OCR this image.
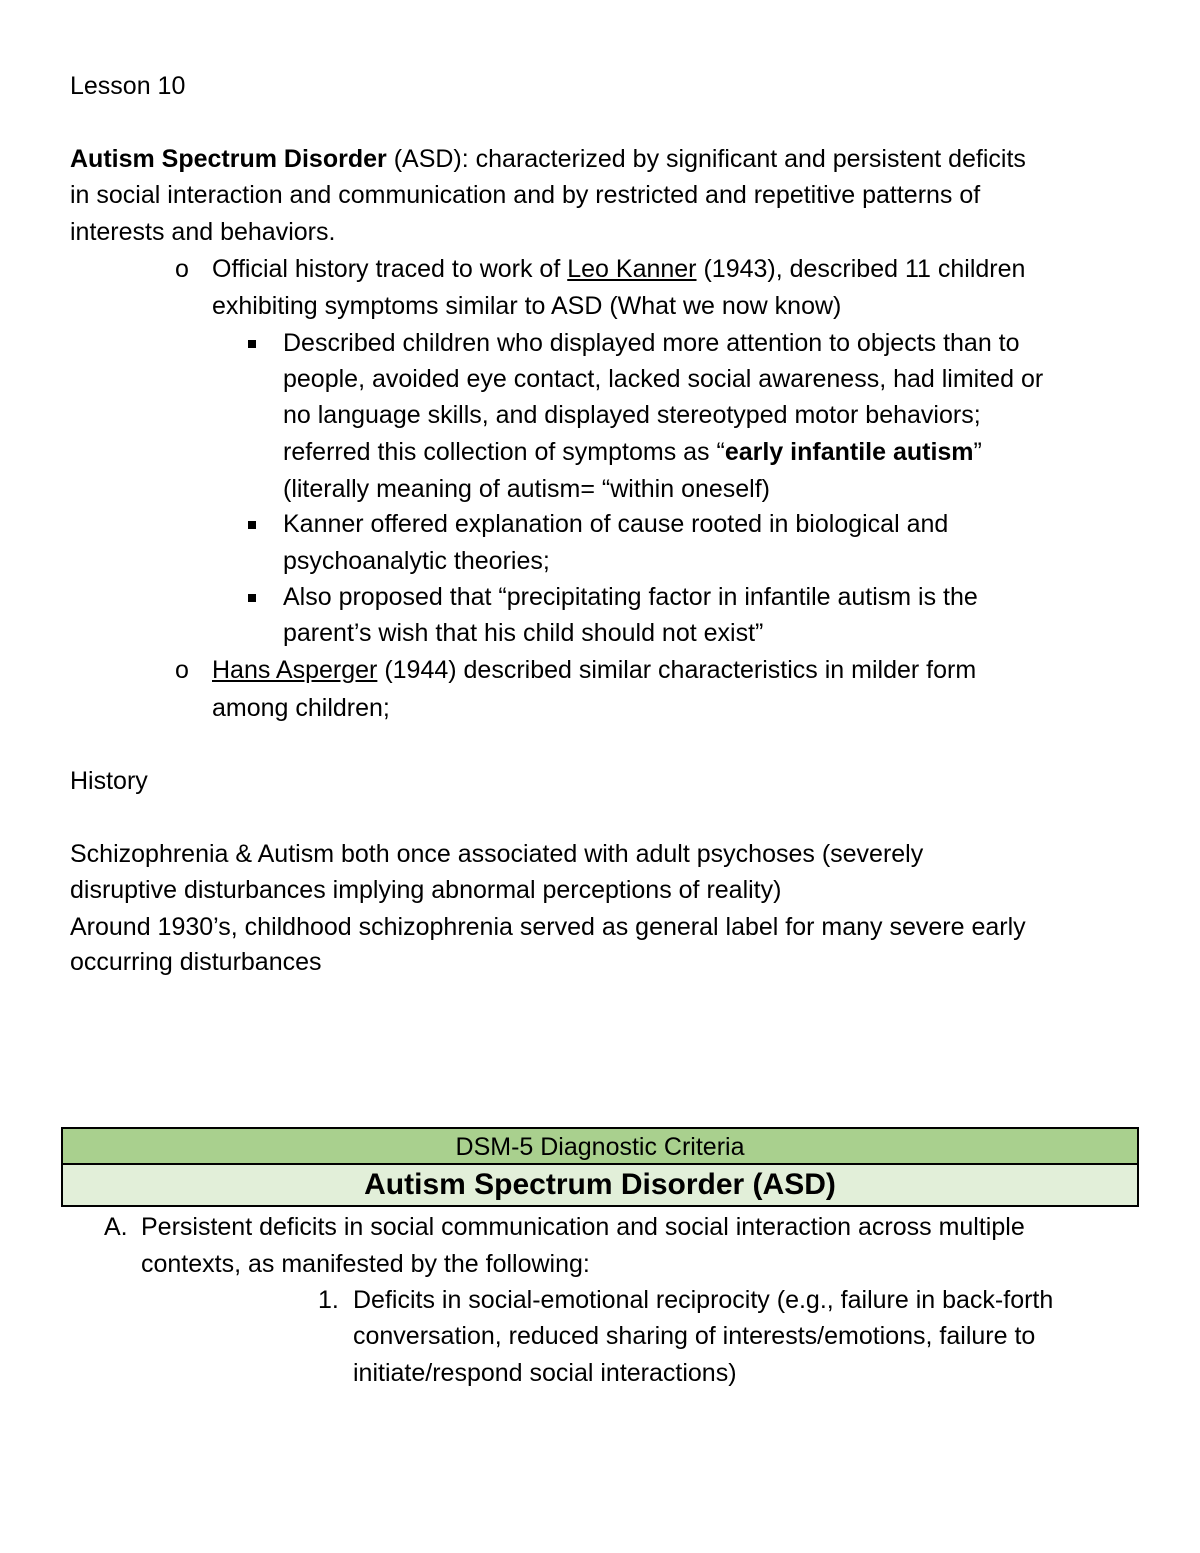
Lesson 10
Autism Spectrum Disorder (ASD): characterized by significant and persistent deficits
in social interaction and communication and by restricted and repetitive patterns of
interests and behaviors.
o Official history traced to work of Leo Kanner (1943), described 11 children
exhibiting symptoms similar to ASD (What we now know)
Described children who displayed more attention to objects than to
people, avoided eye contact, lacked social awareness, had limited or
no language skills, and displayed stereotyped motor behaviors;
referred this collection of symptoms as “early infantile autism”
(literally meaning of autism= “within oneself)
Kanner offered explanation of cause rooted in biological and
psychoanalytic theories;
Also proposed that “precipitating factor in infantile autism is the
parent’s wish that his child should not exist”
o Hans Asperger (1944) described similar characteristics in milder form
among children;
History
Schizophrenia & Autism both once associated with adult psychoses (severely
disruptive disturbances implying abnormal perceptions of reality)
Around 1930’s, childhood schizophrenia served as general label for many severe early
occurring disturbances
DSM-5 Diagnostic Criteria
Autism Spectrum Disorder (ASD)
A. Persistent deficits in social communication and social interaction across multiple
contexts, as manifested by the following:
1. Deficits in social-emotional reciprocity (e.g., failure in back-forth
conversation, reduced sharing of interests/emotions, failure to
initiate/respond social interactions)
